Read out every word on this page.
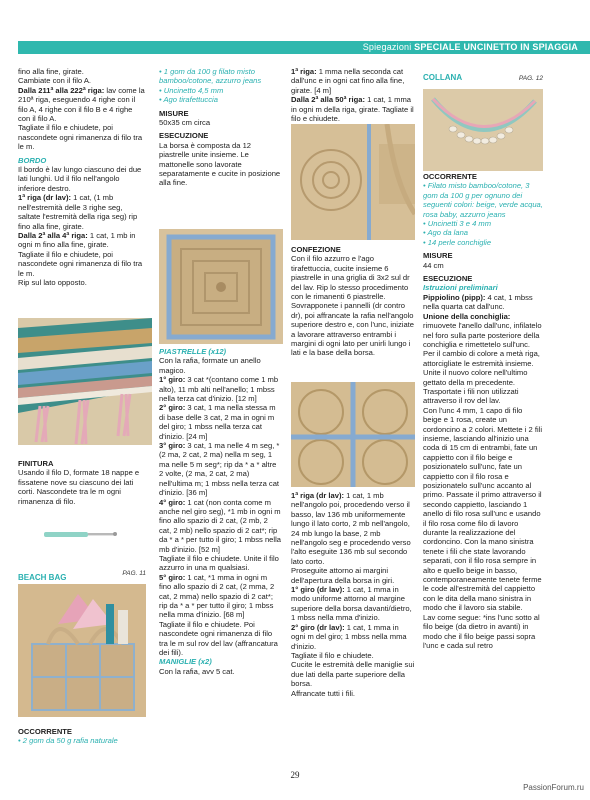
Spiegazioni SPECIALE UNCINETTO IN SPIAGGIA

fino alla fine, girate.

Cambiate con il filo A.

Dalla 211ª alla 222ª riga: lav come la 210ª riga, eseguendo 4 righe con il filo A, 4 righe con il filo B e 4 righe con il filo A.

Tagliate il filo e chiudete, poi nascondete ogni rimanenza di filo tra le m.

BORDO

Il bordo è lav lungo ciascuno dei due lati lunghi. Ud il filo nell'angolo inferiore destro.

1ª riga (dr lav): 1 cat, (1 mb nell'estremità delle 3 righe seg, saltate l'estremità della riga seg) rip fino alla fine, girate.

Dalla 2ª alla 4ª riga: 1 cat, 1 mb in ogni m fino alla fine, girate.

Tagliate il filo e chiudete, poi nascondete ogni rimanenza di filo tra le m.

Rip sul lato opposto.

FINITURA

Usando il filo D, formate 18 nappe e fissatene nove su ciascuno dei lati corti. Nascondete tra le m ogni rimanenza di filo.

BEACH BAG	PAG. 11

OCCORRENTE

• 2 gom da 50 g rafia naturale

• 1 gom da 100 g filato misto bamboo/cotone, azzurro jeans

• Uncinetto 4,5 mm

• Ago tirafettuccia

MISURE

50x35 cm circa

ESECUZIONE

La borsa è composta da 12 piastrelle unite insieme. Le mattonelle sono lavorate separatamente e cucite in posizione alla fine.

PIASTRELLE (x12)

Con la rafia, formate un anello magico.

1° giro: 3 cat *(contano come 1 mb alto), 11 mb alti nell'anello; 1 mbss nella terza cat d'inizio. [12 m]

2° giro: 3 cat, 1 ma nella stessa m di base delle 3 cat, 2 ma in ogni m del giro; 1 mbss nella terza cat d'inizio. [24 m]

3° giro: 3 cat, 1 ma nelle 4 m seg, *(2 ma, 2 cat, 2 ma) nella m seg, 1 ma nelle 5 m seg*; rip da * a * altre 2 volte, (2 ma, 2 cat, 2 ma) nell'ultima m; 1 mbss nella terza cat d'inizio. [36 m]

4° giro: 1 cat (non conta come m anche nel giro seg), *1 mb in ogni m fino allo spazio di 2 cat, (2 mb, 2 cat, 2 mb) nello spazio di 2 cat*; rip da * a * per tutto il giro; 1 mbss nella mb d'inizio. [52 m]

Tagliate il filo e chiudete. Unite il filo azzurro in una m qualsiasi.

5° giro: 1 cat, *1 mma in ogni m fino allo spazio di 2 cat, (2 mma, 2 cat, 2 mma) nello spazio di 2 cat*; rip da * a * per tutto il giro; 1 mbss nella mma d'inizio. [68 m]

Tagliate il filo e chiudete. Poi nascondete ogni rimanenza di filo tra le m sul rov del lav (affrancatura dei fili).

MANIGLIE (x2)

Con la rafia, avv 5 cat.

1ª riga: 1 mma nella seconda cat dall'unc e in ogni cat fino alla fine, girate. [4 m]

Dalla 2ª alla 50ª riga: 1 cat, 1 mma in ogni m della riga, girate. Tagliate il filo e chiudete.

CONFEZIONE

Con il filo azzurro e l'ago tirafettuccia, cucite insieme 6 piastrelle in una griglia di 3x2 sul dr del lav. Rip lo stesso procedimento con le rimanenti 6 piastrelle. Sovrapponete i pannelli (dr contro dr), poi affrancate la rafia nell'angolo superiore destro e, con l'unc, iniziate a lavorare attraverso entrambi i margini di ogni lato per unirli lungo i lati e la base della borsa.

1ª riga (dr lav): 1 cat, 1 mb nell'angolo poi, procedendo verso il basso, lav 136 mb uniformemente lungo il lato corto, 2 mb nell'angolo, 24 mb lungo la base, 2 mb nell'angolo seg e procedendo verso l'alto eseguite 136 mb sul secondo lato corto.

Proseguite attorno ai margini dell'apertura della borsa in giri.

1° giro (dr lav): 1 cat, 1 mma in modo uniforme attorno al margine superiore della borsa davanti/dietro, 1 mbss nella mma d'inizio.

2° giro (dr lav): 1 cat, 1 mma in ogni m del giro; 1 mbss nella mma d'inizio.

Tagliate il filo e chiudete.

Cucite le estremità delle maniglie sui due lati della parte superiore della borsa.

Affrancate tutti i fili.

COLLANA	PAG. 12

OCCORRENTE

• Filato misto bamboo/cotone, 3 gom da 100 g per ognuno dei seguenti colori: beige, verde acqua, rosa baby, azzurro jeans

• Uncinetti 3 e 4 mm

• Ago da lana

• 14 perle conchiglie

MISURE

44 cm

ESECUZIONE

Istruzioni preliminari

Pippiolino (pipp): 4 cat, 1 mbss nella quarta cat dall'unc.

Unione della conchiglia: rimuovete l'anello dall'unc, infilatelo nel foro sulla parte posteriore della conchiglia e rimettetelo sull'unc.

Per il cambio di colore a metà riga, attorcigliate le estremità insieme. Unite il nuovo colore nell'ultimo gettato della m precedente. Trasportate i fili non utilizzati attraverso il rov del lav.

Con l'unc 4 mm, 1 capo di filo beige e 1 rosa, create un cordoncino a 2 colori. Mettete i 2 fili insieme, lasciando all'inizio una coda di 15 cm di entrambi, fate un cappietto con il filo beige e posizionatelo sull'unc, fate un cappietto con il filo rosa e posizionatelo sull'unc accanto al primo. Passate il primo attraverso il secondo cappietto, lasciando 1 anello di filo rosa sull'unc e usando il filo rosa come filo di lavoro durante la realizzazione del cordoncino. Con la mano sinistra tenete i fili che state lavorando separati, con il filo rosa sempre in alto e quello beige in basso, contemporaneamente tenete ferme le code all'estremità del cappietto con le dita della mano sinistra in modo che il lavoro sia stabile.

Lav come segue: *ins l'unc sotto al filo beige (da dietro in avanti) in modo che il filo beige passi sopra l'unc e cada sul retro

29
PassionForum.ru
